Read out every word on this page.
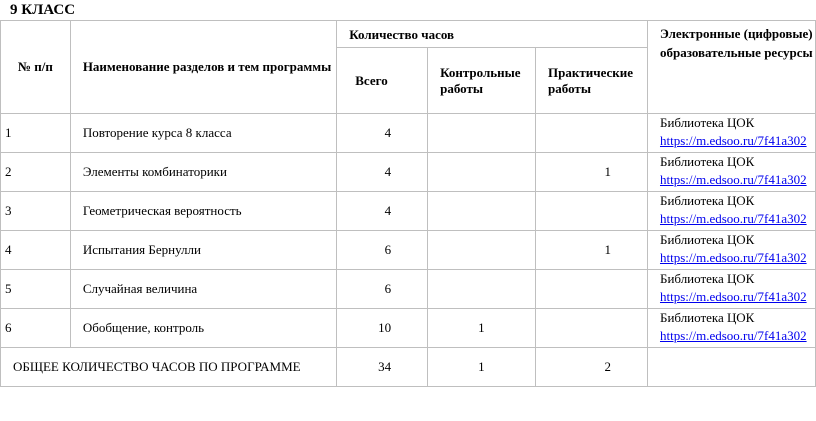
9 КЛАСС
№ п/п	Наименование разделов и тем программы	Количество часов			Электронные (цифровые) образовательные ресурсы
		Всего	Контрольные работы	Практические работы	
1	Повторение курса 8 класса	4			Библиотека ЦОК
https://m.edsoo.ru/7f41a302

2	Элементы комбинаторики	4		1	Библиотека ЦОК
https://m.edsoo.ru/7f41a302

3	Геометрическая вероятность	4			Библиотека ЦОК
https://m.edsoo.ru/7f41a302

4	Испытания Бернулли	6		1	Библиотека ЦОК
https://m.edsoo.ru/7f41a302

5	Случайная величина	6			Библиотека ЦОК
https://m.edsoo.ru/7f41a302

6	Обобщение, контроль	10	1		Библиотека ЦОК
https://m.edsoo.ru/7f41a302

ОБЩЕЕ КОЛИЧЕСТВО ЧАСОВ ПО ПРОГРАММЕ		34	1	2	
